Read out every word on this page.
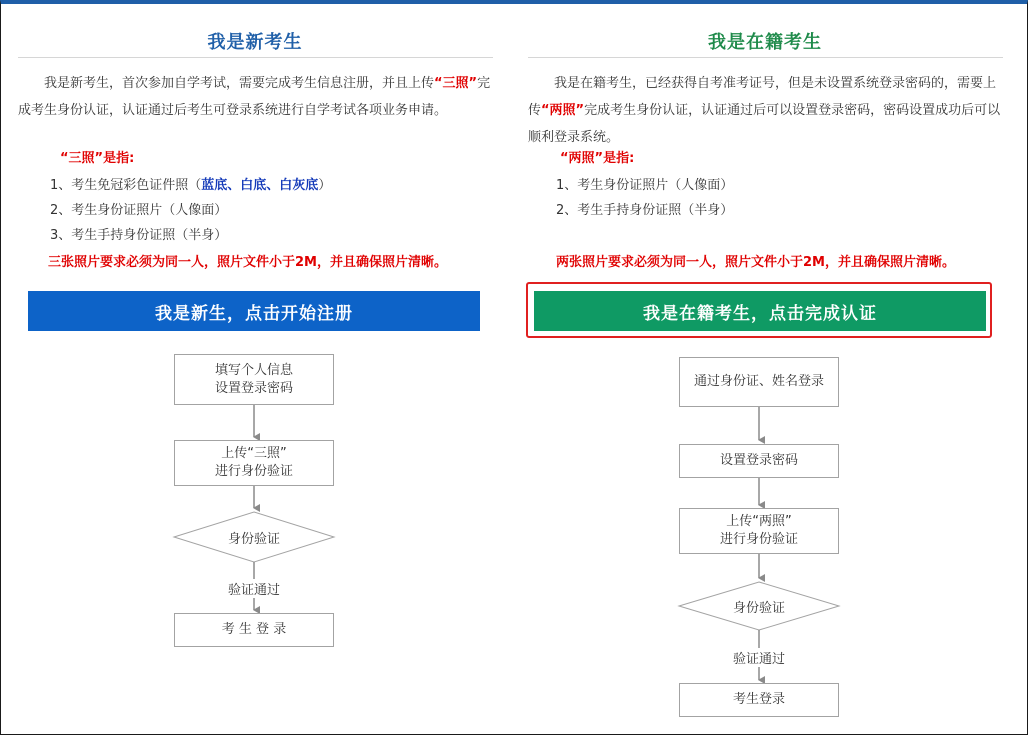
我是新考生
我是新考生，首次参加自学考试，需要完成考生信息注册，并且上传“三照”完成考生身份认证，认证通过后考生可登录系统进行自学考试各项业务申请。
“三照”是指:
1、考生免冠彩色证件照（蓝底、白底、白灰底）
2、考生身份证照片（人像面）
3、考生手持身份证照（半身）
三张照片要求必须为同一人，照片文件小于2M，并且确保照片清晰。
我是新生，点击开始注册
填写个人信息
设置登录密码
上传“三照”
进行身份验证
身份验证
验证通过
考 生 登 录
我是在籍考生
我是在籍考生，已经获得自考准考证号，但是未设置系统登录密码的，需要上传“两照”完成考生身份认证，认证通过后可以设置登录密码，密码设置成功后可以顺利登录系统。
“两照”是指:
1、考生身份证照片（人像面）
2、考生手持身份证照（半身）
两张照片要求必须为同一人，照片文件小于2M，并且确保照片清晰。
我是在籍考生，点击完成认证
通过身份证、姓名登录
设置登录密码
上传“两照”
进行身份验证
身份验证
验证通过
考生登录
